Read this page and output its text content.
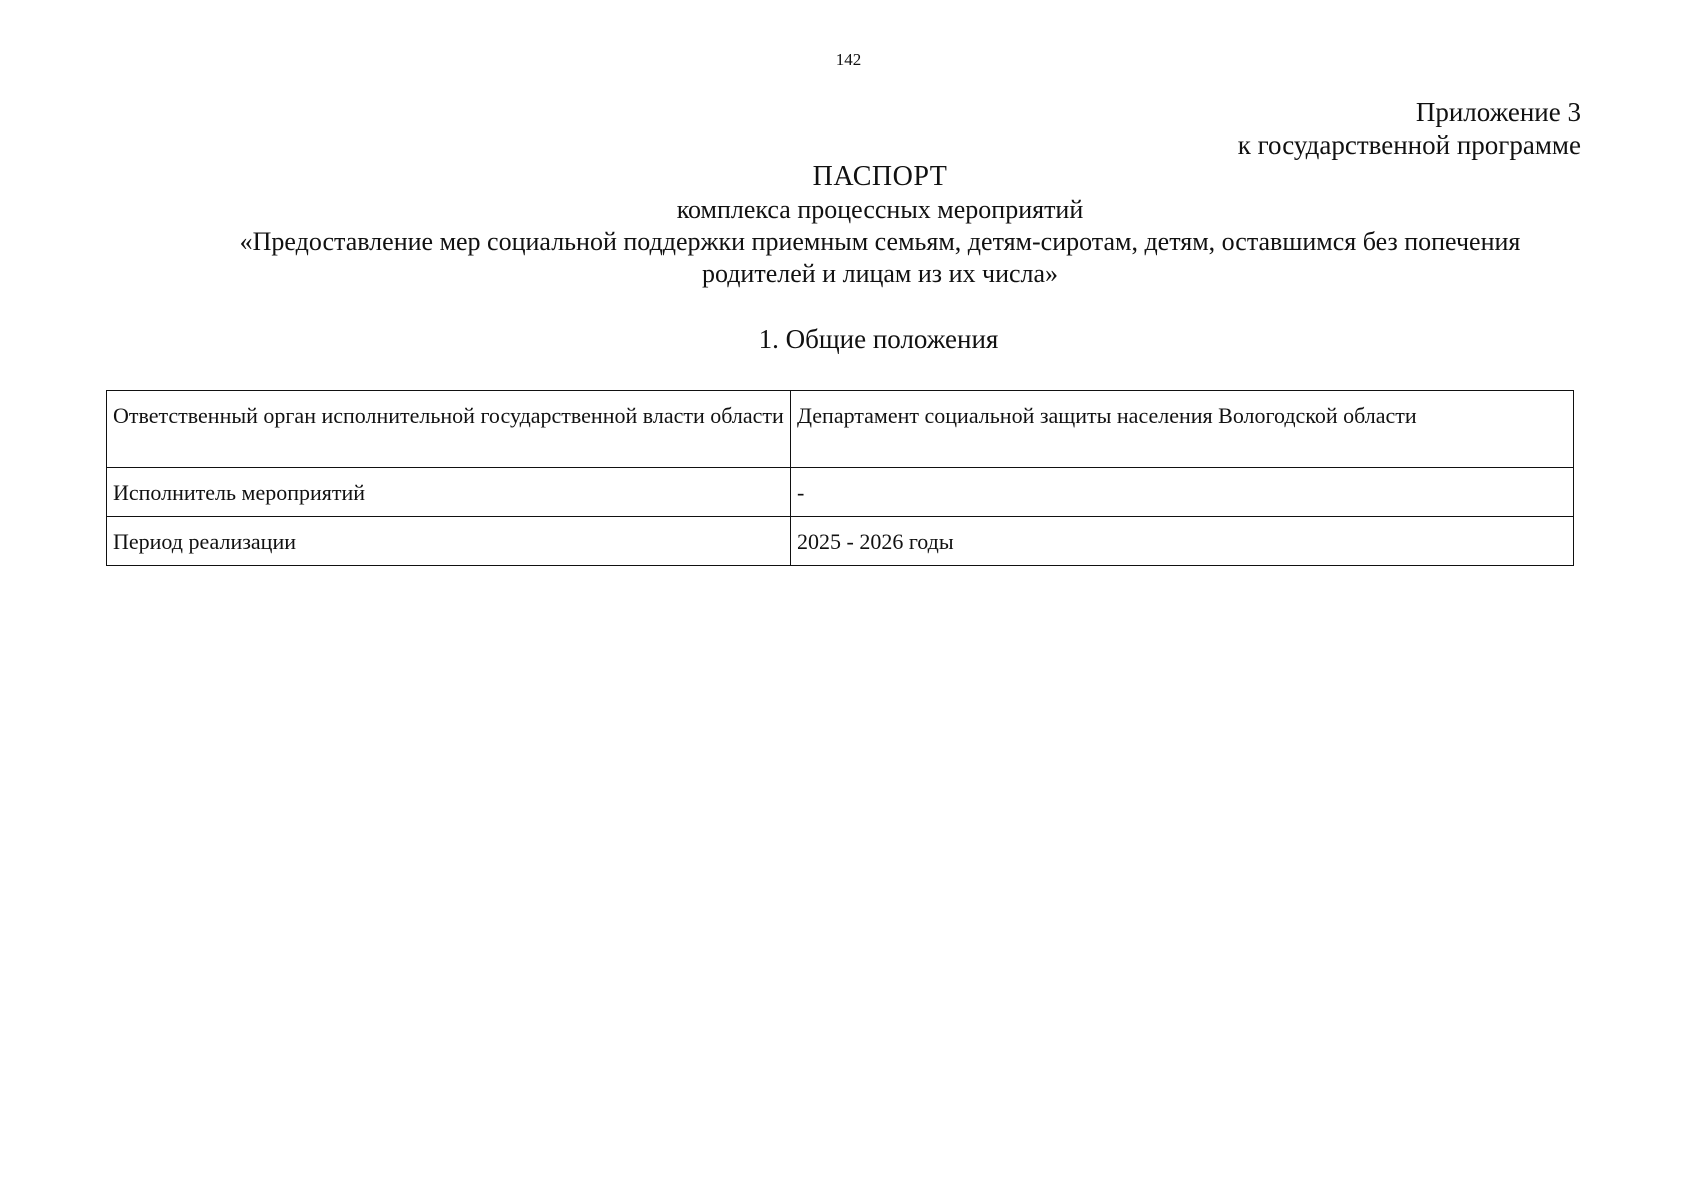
142
Приложение 3
к государственной программе
ПАСПОРТ
комплекса процессных мероприятий
«Предоставление мер социальной поддержки приемным семьям, детям-сиротам, детям, оставшимся без попечения
родителей и лицам из их числа»
1. Общие положения
Ответственный орган исполнительной государственной власти области	Департамент социальной защиты населения Вологодской области
Исполнитель мероприятий	-
Период реализации	2025 - 2026 годы
